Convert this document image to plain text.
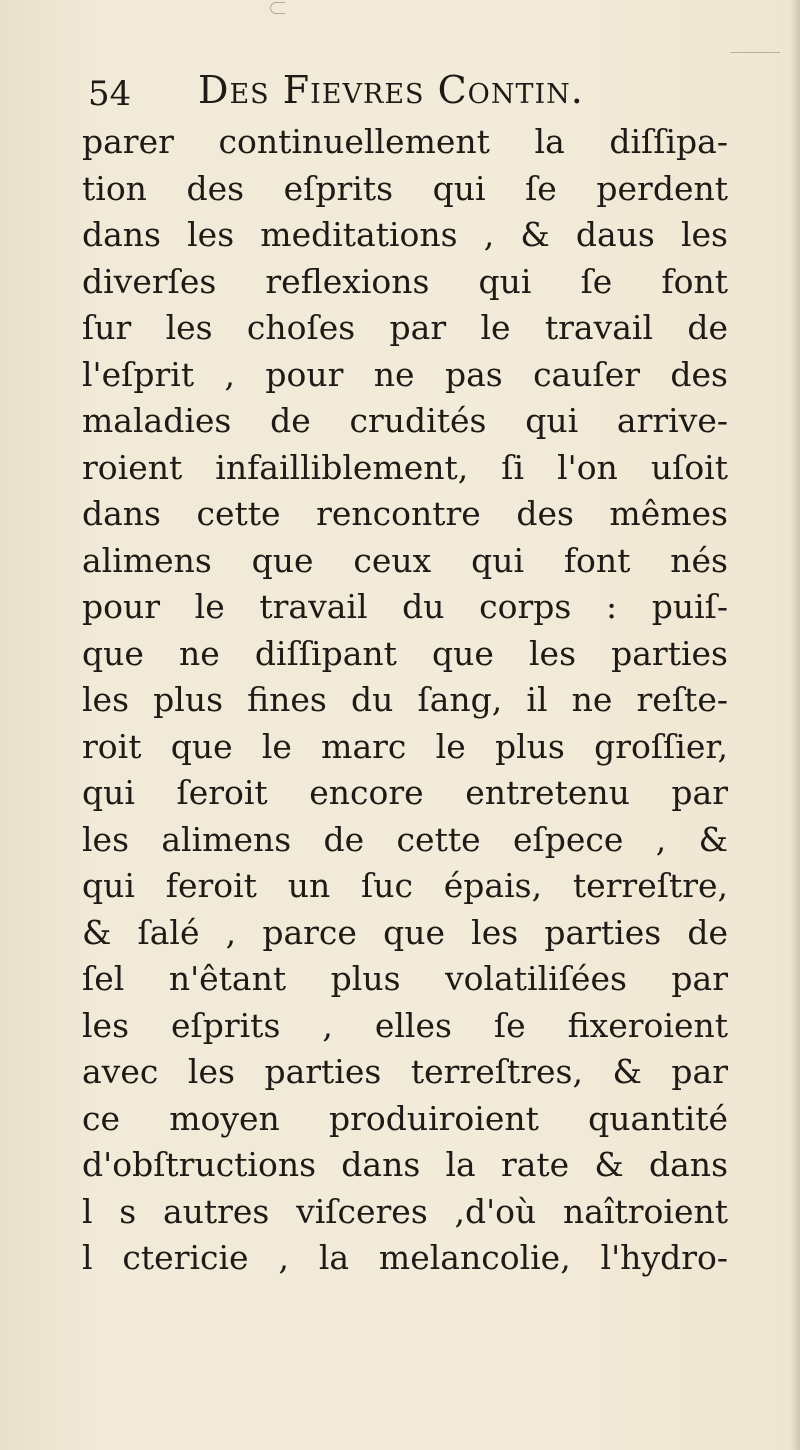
54 Des Fievres Contin.
parer continuellement la diſſipa-
tion des eſprits qui ſe perdent
dans les meditations , & daus les
diverſes reflexions qui ſe font
ſur les choſes par le travail de
l'eſprit , pour ne pas cauſer des
maladies de crudités qui arrive-
roient infailliblement, ſi l'on uſoit
dans cette rencontre des mêmes
alimens que ceux qui font nés
pour le travail du corps : puiſ-
que ne diſſipant que les parties
les plus fines du ſang, il ne reſte-
roit que le marc le plus groſſier,
qui ſeroit encore entretenu par
les alimens de cette eſpece , &
qui feroit un ſuc épais, terreſtre,
& ſalé , parce que les parties de
ſel n'êtant plus volatiliſées par
les eſprits , elles ſe fixeroient
avec les parties terreſtres, & par
ce moyen produiroient quantité
d'obſtructions dans la rate & dans
l s autres viſceres ,d'où naîtroient
l ctericie , la melancolie, l'hydro-
